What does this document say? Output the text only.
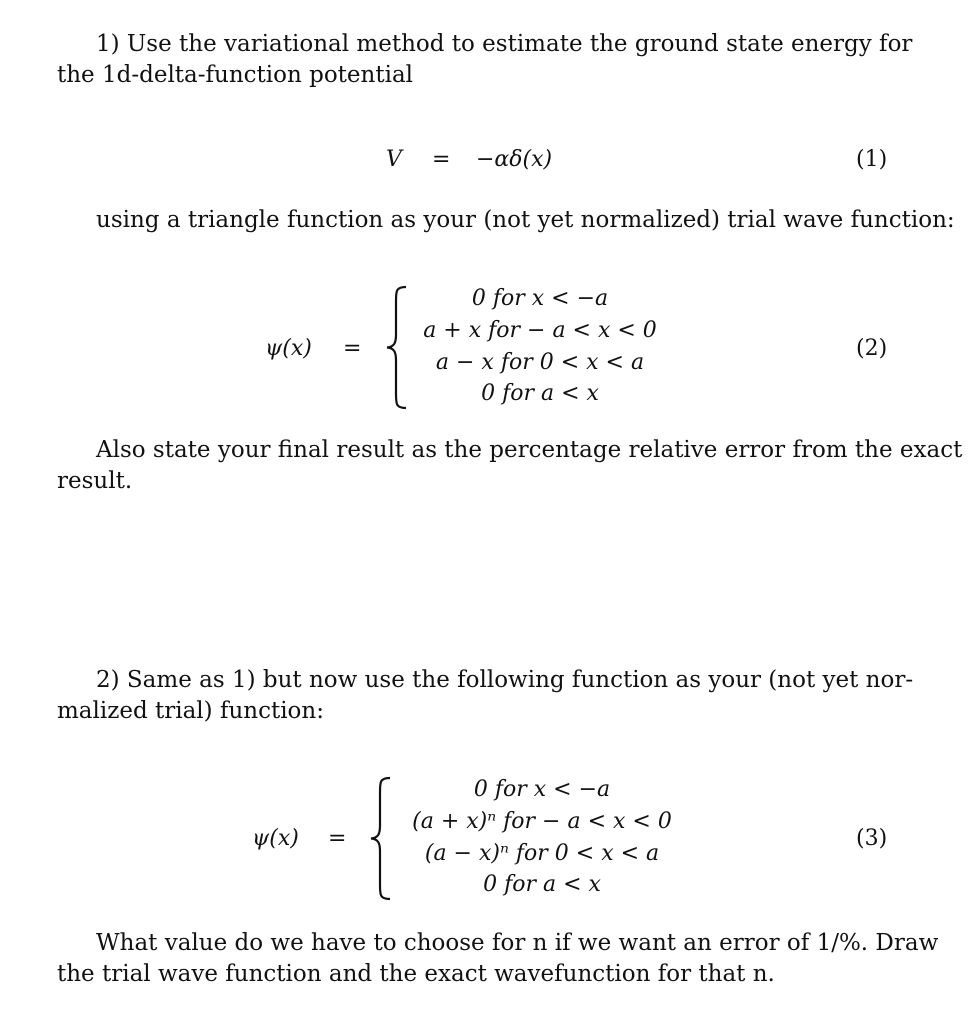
1) Use the variational method to estimate the ground state energy for
the 1d-delta-function potential
V = −αδ(x)	(1)
using a triangle function as your (not yet normalized) trial wave function:
ψ(x) =
0 for x < −a
a + x for − a < x < 0
a − x for 0 < x < a
0 for a < x
(2)
Also state your final result as the percentage relative error from the exact
result.
2) Same as 1) but now use the following function as your (not yet nor-
malized trial) function:
ψ(x) =
0 for x < −a
(a + x)ⁿ for − a < x < 0
(a − x)ⁿ for 0 < x < a
0 for a < x
(3)
What value do we have to choose for n if we want an error of 1/%. Draw
the trial wave function and the exact wavefunction for that n.
